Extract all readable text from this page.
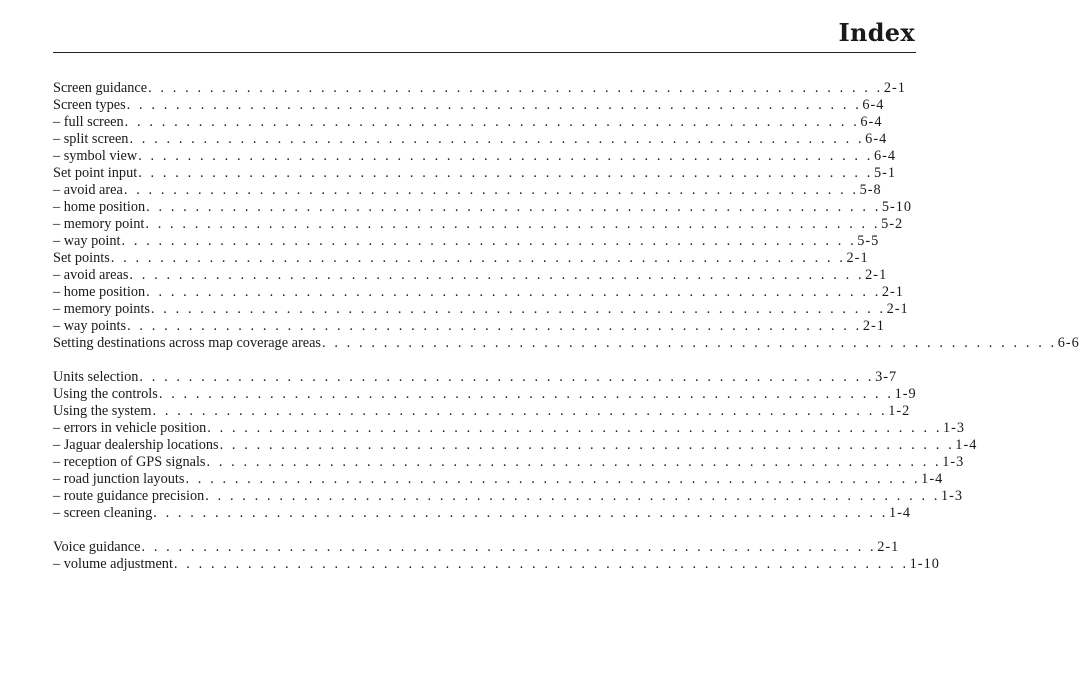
Index
Screen guidance . . . . . . . . . . . . . . . . . . . . . . . . . . . . . . . . . . . . . . . . . . . . . . . . . . . . . . . . . . . . 2-1
Screen types . . . . . . . . . . . . . . . . . . . . . . . . . . . . . . . . . . . . . . . . . . . . . . . . . . . . . . . . . . . . 6-4
– full screen . . . . . . . . . . . . . . . . . . . . . . . . . . . . . . . . . . . . . . . . . . . . . . . . . . . . . . . . . . . . 6-4
– split screen . . . . . . . . . . . . . . . . . . . . . . . . . . . . . . . . . . . . . . . . . . . . . . . . . . . . . . . . . . . . 6-4
– symbol view . . . . . . . . . . . . . . . . . . . . . . . . . . . . . . . . . . . . . . . . . . . . . . . . . . . . . . . . . . . . 6-4
Set point input . . . . . . . . . . . . . . . . . . . . . . . . . . . . . . . . . . . . . . . . . . . . . . . . . . . . . . . . . . . . 5-1
– avoid area . . . . . . . . . . . . . . . . . . . . . . . . . . . . . . . . . . . . . . . . . . . . . . . . . . . . . . . . . . . . 5-8
– home position . . . . . . . . . . . . . . . . . . . . . . . . . . . . . . . . . . . . . . . . . . . . . . . . . . . . . . . . . . . . 5-10
– memory point . . . . . . . . . . . . . . . . . . . . . . . . . . . . . . . . . . . . . . . . . . . . . . . . . . . . . . . . . . . . 5-2
– way point . . . . . . . . . . . . . . . . . . . . . . . . . . . . . . . . . . . . . . . . . . . . . . . . . . . . . . . . . . . . 5-5
Set points . . . . . . . . . . . . . . . . . . . . . . . . . . . . . . . . . . . . . . . . . . . . . . . . . . . . . . . . . . . . 2-1
– avoid areas . . . . . . . . . . . . . . . . . . . . . . . . . . . . . . . . . . . . . . . . . . . . . . . . . . . . . . . . . . . . 2-1
– home position . . . . . . . . . . . . . . . . . . . . . . . . . . . . . . . . . . . . . . . . . . . . . . . . . . . . . . . . . . . . 2-1
– memory points . . . . . . . . . . . . . . . . . . . . . . . . . . . . . . . . . . . . . . . . . . . . . . . . . . . . . . . . . . . . 2-1
– way points . . . . . . . . . . . . . . . . . . . . . . . . . . . . . . . . . . . . . . . . . . . . . . . . . . . . . . . . . . . . 2-1
Setting destinations across map coverage areas . . . . . . . . . . . . . . . . . . . . . . . . . . . . . . . . . . . . . . . . . . . . . . . . . . . . . . . . . . . . 6-6
Units selection . . . . . . . . . . . . . . . . . . . . . . . . . . . . . . . . . . . . . . . . . . . . . . . . . . . . . . . . . . . . 3-7
Using the controls . . . . . . . . . . . . . . . . . . . . . . . . . . . . . . . . . . . . . . . . . . . . . . . . . . . . . . . . . . . . 1-9
Using the system . . . . . . . . . . . . . . . . . . . . . . . . . . . . . . . . . . . . . . . . . . . . . . . . . . . . . . . . . . . . 1-2
– errors in vehicle position . . . . . . . . . . . . . . . . . . . . . . . . . . . . . . . . . . . . . . . . . . . . . . . . . . . . . . . . . . . . 1-3
– Jaguar dealership locations . . . . . . . . . . . . . . . . . . . . . . . . . . . . . . . . . . . . . . . . . . . . . . . . . . . . . . . . . . . . 1-4
– reception of GPS signals . . . . . . . . . . . . . . . . . . . . . . . . . . . . . . . . . . . . . . . . . . . . . . . . . . . . . . . . . . . . 1-3
– road junction layouts . . . . . . . . . . . . . . . . . . . . . . . . . . . . . . . . . . . . . . . . . . . . . . . . . . . . . . . . . . . . 1-4
– route guidance precision . . . . . . . . . . . . . . . . . . . . . . . . . . . . . . . . . . . . . . . . . . . . . . . . . . . . . . . . . . . . 1-3
– screen cleaning . . . . . . . . . . . . . . . . . . . . . . . . . . . . . . . . . . . . . . . . . . . . . . . . . . . . . . . . . . . . 1-4
Voice guidance . . . . . . . . . . . . . . . . . . . . . . . . . . . . . . . . . . . . . . . . . . . . . . . . . . . . . . . . . . . . 2-1
– volume adjustment . . . . . . . . . . . . . . . . . . . . . . . . . . . . . . . . . . . . . . . . . . . . . . . . . . . . . . . . . . . . 1-10
